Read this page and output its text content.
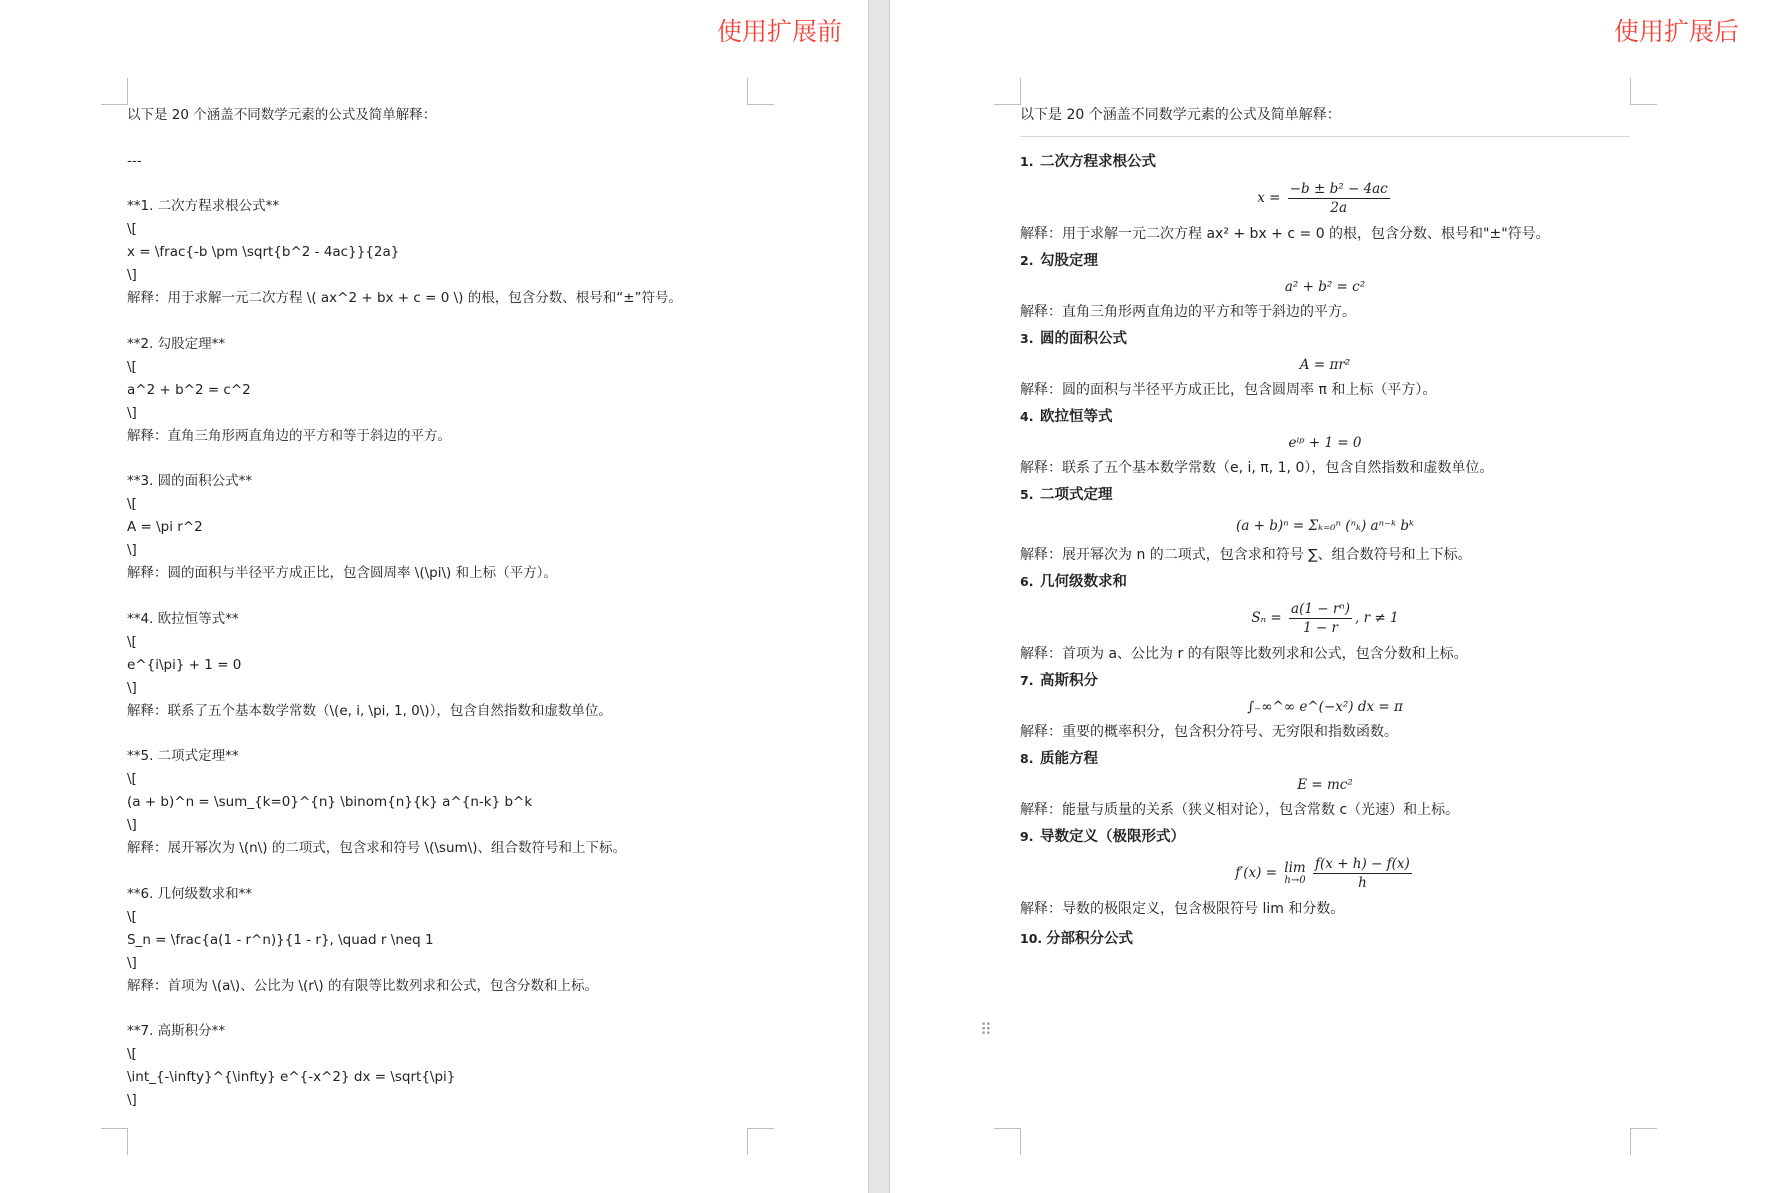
使用扩展前
以下是 20 个涵盖不同数学元素的公式及简单解释：
---
**1. 二次方程求根公式**
\[
x = \frac{-b \pm \sqrt{b^2 - 4ac}}{2a}
\]
解释：用于求解一元二次方程 \( ax^2 + bx + c = 0 \) 的根，包含分数、根号和“±”符号。
**2. 勾股定理**
\[
a^2 + b^2 = c^2
\]
解释：直角三角形两直角边的平方和等于斜边的平方。
**3. 圆的面积公式**
\[
A = \pi r^2
\]
解释：圆的面积与半径平方成正比，包含圆周率 \(\pi\) 和上标（平方）。
**4. 欧拉恒等式**
\[
e^{i\pi} + 1 = 0
\]
解释：联系了五个基本数学常数（\(e, i, \pi, 1, 0\)），包含自然指数和虚数单位。
**5. 二项式定理**
\[
(a + b)^n = \sum_{k=0}^{n} \binom{n}{k} a^{n-k} b^k
\]
解释：展开幂次为 \(n\) 的二项式，包含求和符号 \(\sum\)、组合数符号和上下标。
**6. 几何级数求和**
\[
S_n = \frac{a(1 - r^n)}{1 - r}, \quad r \neq 1
\]
解释：首项为 \(a\)、公比为 \(r\) 的有限等比数列求和公式，包含分数和上标。
**7. 高斯积分**
\[
\int_{-\infty}^{\infty} e^{-x^2} dx = \sqrt{\pi}
\]
使用扩展后
以下是 20 个涵盖不同数学元素的公式及简单解释：
1. 二次方程求根公式
$x = \frac{\text{−b ± b² − 4ac}}{2a}$
解释：用于求解一元二次方程 ax² + bx + c = 0 的根，包含分数、根号和"±"符号。
2. 勾股定理
a² + b² = c²
解释：直角三角形两直角边的平方和等于斜边的平方。
3. 圆的面积公式
A = πr²
解释：圆的面积与半径平方成正比，包含圆周率 π 和上标（平方）。
4. 欧拉恒等式
eⁱᵖ + 1 = 0
解释：联系了五个基本数学常数（e, i, π, 1, 0），包含自然指数和虚数单位。
5. 二项式定理
(a + b)ⁿ = Σₖ₌₀ⁿ (ⁿₖ) aⁿ⁻ᵏ bᵏ
解释：展开幂次为 n 的二项式，包含求和符号 ∑、组合数符号和上下标。
6. 几何级数求和
$S_n = \frac{\text{a(1 − rⁿ)}}{1 - r}$ , r ≠ 1
解释：首项为 a、公比为 r 的有限等比数列求和公式，包含分数和上标。
7. 高斯积分
∫₋∞^∞ e^(−x²) dx = π
解释：重要的概率积分，包含积分符号、无穷限和指数函数。
8. 质能方程
E = mc²
解释：能量与质量的关系（狭义相对论），包含常数 c（光速）和上标。
9. 导数定义（极限形式）
f′(x) = lim
h→0
$\frac{f(x + h) - f(x)}{h}$
解释：导数的极限定义，包含极限符号 lim 和分数。
10. 分部积分公式
⠿
